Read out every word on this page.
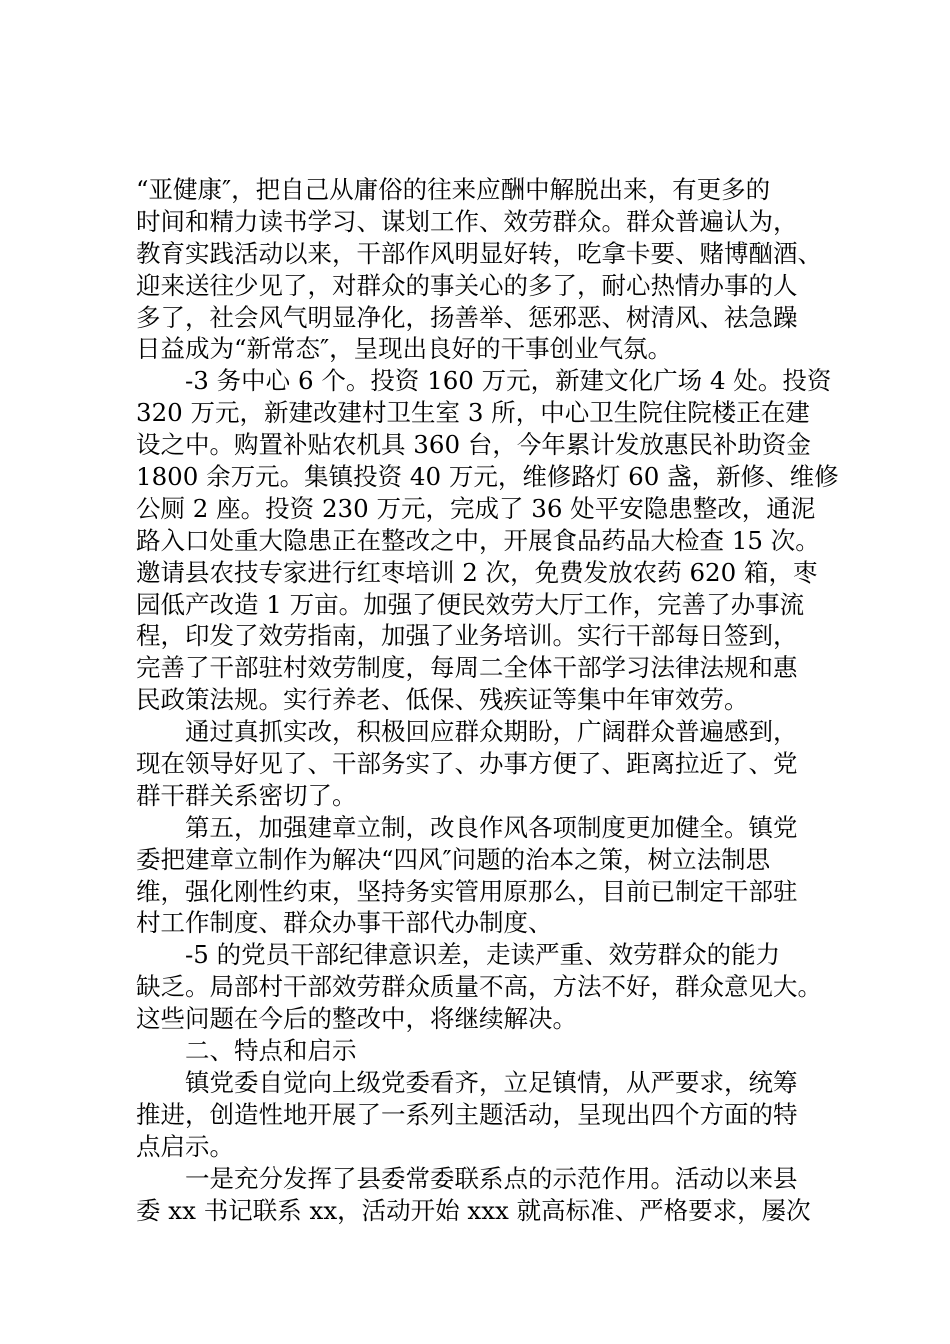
“亚健康″，把自己从庸俗的往来应酬中解脱出来，有更多的
时间和精力读书学习、谋划工作、效劳群众。群众普遍认为，
教育实践活动以来，干部作风明显好转，吃拿卡要、赌博酗酒、
迎来送往少见了，对群众的事关心的多了，耐心热情办事的人
多了，社会风气明显净化，扬善举、惩邪恶、树清风、祛急躁
日益成为“新常态″，呈现出良好的干事创业气氛。
-3 务中心 6 个。投资 160 万元，新建文化广场 4 处。投资
320 万元，新建改建村卫生室 3 所，中心卫生院住院楼正在建
设之中。购置补贴农机具 360 台，今年累计发放惠民补助资金
1800 余万元。集镇投资 40 万元，维修路灯 60 盏，新修、维修
公厕 2 座。投资 230 万元，完成了 36 处平安隐患整改，通泥
路入口处重大隐患正在整改之中，开展食品药品大检查 15 次。
邀请县农技专家进行红枣培训 2 次，免费发放农药 620 箱，枣
园低产改造 1 万亩。加强了便民效劳大厅工作，完善了办事流
程，印发了效劳指南，加强了业务培训。实行干部每日签到，
完善了干部驻村效劳制度，每周二全体干部学习法律法规和惠
民政策法规。实行养老、低保、残疾证等集中年审效劳。
通过真抓实改，积极回应群众期盼，广阔群众普遍感到，
现在领导好见了、干部务实了、办事方便了、距离拉近了、党
群干群关系密切了。
第五，加强建章立制，改良作风各项制度更加健全。镇党
委把建章立制作为解决“四风″问题的治本之策，树立法制思
维，强化刚性约束，坚持务实管用原那么，目前已制定干部驻
村工作制度、群众办事干部代办制度、
-5 的党员干部纪律意识差，走读严重、效劳群众的能力
缺乏。局部村干部效劳群众质量不高，方法不好，群众意见大。
这些问题在今后的整改中，将继续解决。
二、特点和启示
镇党委自觉向上级党委看齐，立足镇情，从严要求，统筹
推进，创造性地开展了一系列主题活动，呈现出四个方面的特
点启示。
一是充分发挥了县委常委联系点的示范作用。活动以来县
委 xx 书记联系 xx，活动开始 xxx 就高标准、严格要求，屡次
